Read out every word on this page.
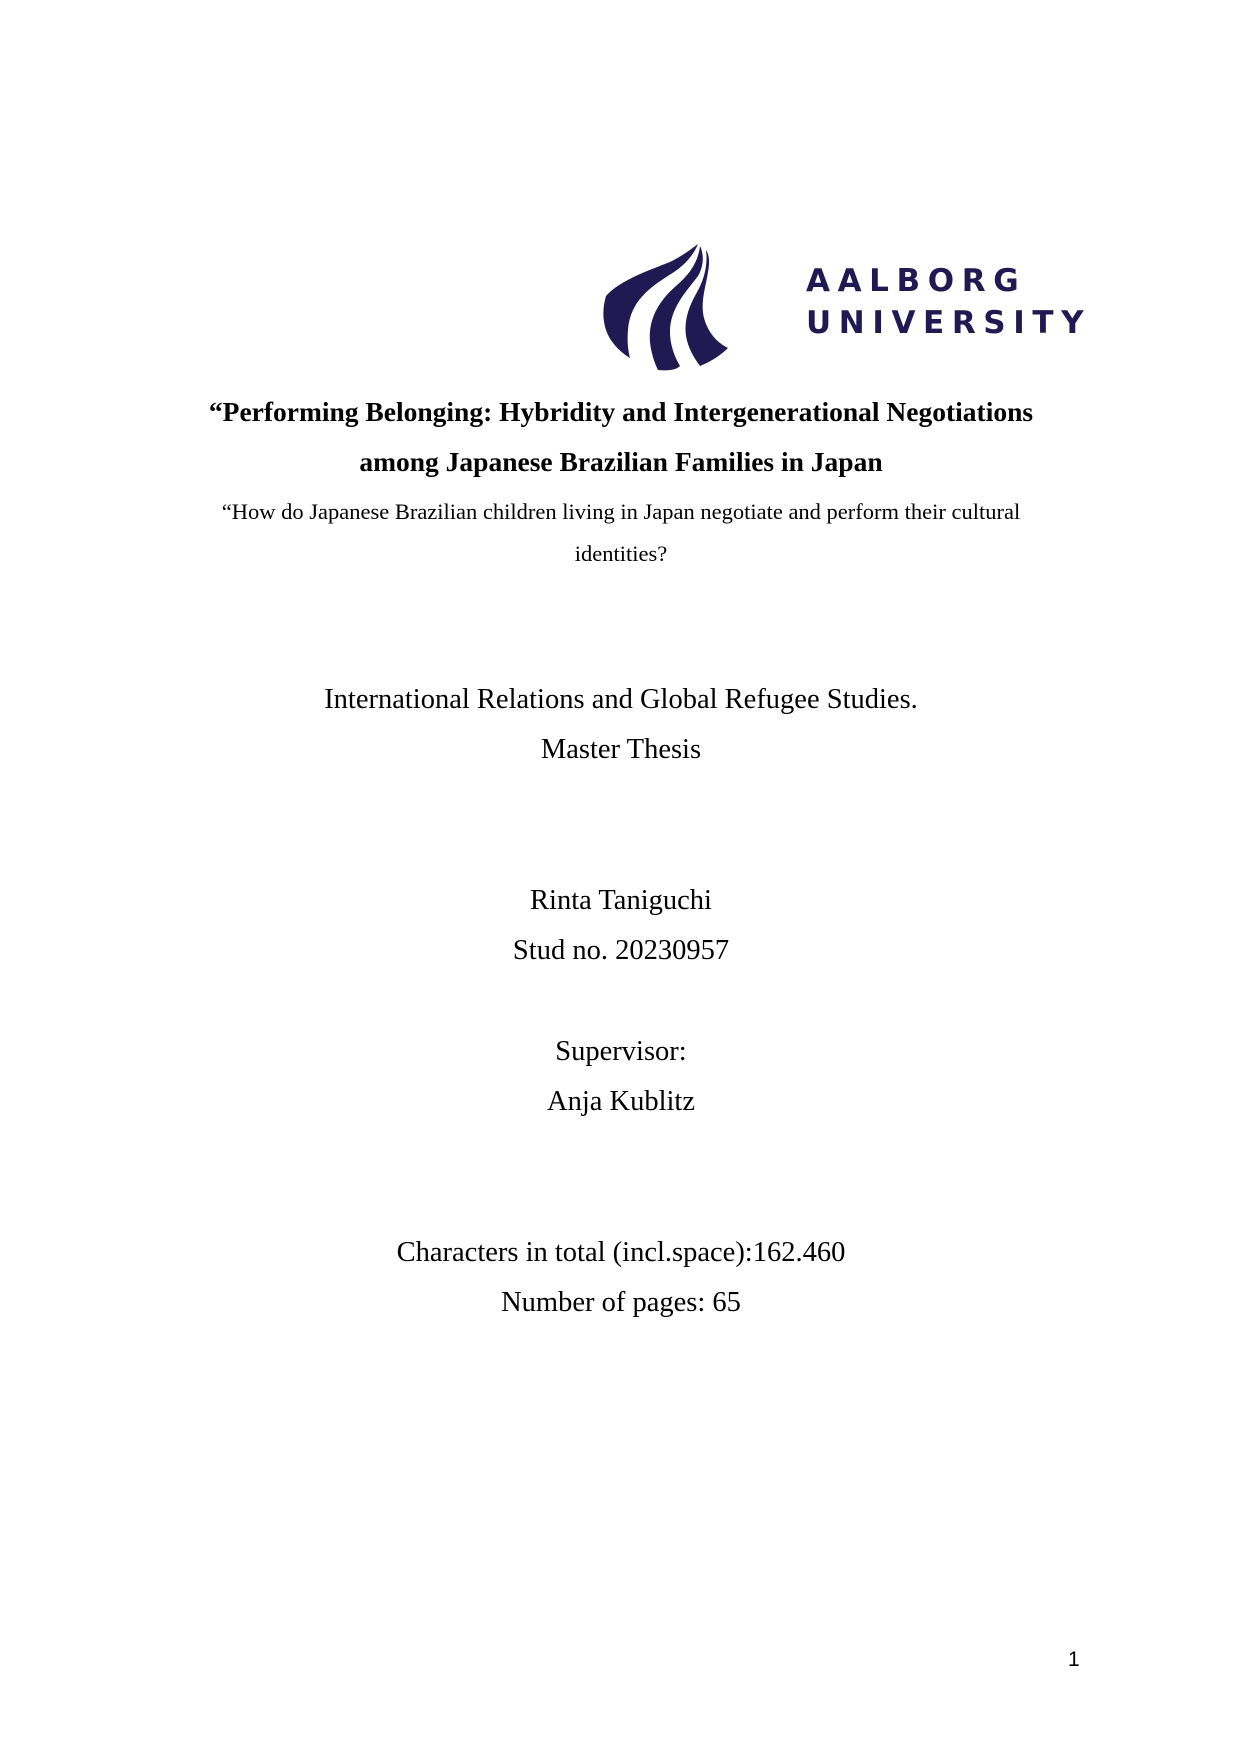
AALBORG
UNIVERSITY
“Performing Belonging: Hybridity and Intergenerational Negotiations
among Japanese Brazilian Families in Japan
“How do Japanese Brazilian children living in Japan negotiate and perform their cultural
identities?
International Relations and Global Refugee Studies.
Master Thesis
Rinta Taniguchi
Stud no. 20230957
Supervisor:
Anja Kublitz
Characters in total (incl.space):162.460
Number of pages: 65
1
